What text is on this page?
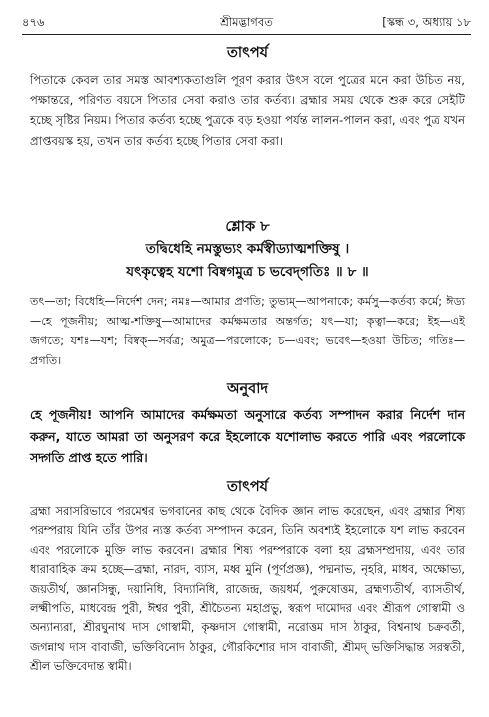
৪৭৬	শ্রীমদ্ভাগবত	[স্কন্ধ ৩, অধ্যায় ১৮
তাৎপর্য
পিতাকে কেবল তার সমস্ত আবশ্যকতাগুলি পূরণ করার উৎস বলে পুত্রের মনে করা উচিত নয়, পক্ষান্তরে, পরিণত বয়সে পিতার সেবা করাও তার কর্তব্য। ব্রহ্মার সময় থেকে শুরু করে সেইটি হচ্ছে সৃষ্টির নিয়ম। পিতার কর্তব্য হচ্ছে পুত্রকে বড় হওয়া পর্যন্ত লালন-পালন করা, এবং পুত্র যখন প্রাপ্তবয়স্ক হয়, তখন তার কর্তব্য হচ্ছে পিতার সেবা করা।
শ্লোক ৮
তদ্বিধেহি নমস্তুভ্যং কর্মস্বীড্যাত্মশক্তিষু ।
যৎকৃত্বেহ যশো বিষ্বগমুত্র চ ভবেদ্‌গতিঃ ॥ ৮ ॥
তৎ—তা; বিধেহি—নির্দেশ দেন; নমঃ—আমার প্রণতি; তুভ্যম্—আপনাকে; কর্মসু—কর্তব্য কর্মে; ঈড্য—হে পূজনীয়; আত্ম-শক্তিষু—আমাদের কর্মক্ষমতার অন্তর্গত; যৎ—যা; কৃত্বা—করে; ইহ—এই জগতে; যশঃ—যশ; বিষ্বক্—সর্বত্র; অমুত্র—পরলোকে; চ—এবং; ভবেৎ—হওয়া উচিত; গতিঃ—প্রগতি।
অনুবাদ
হে পূজনীয়! আপনি আমাদের কর্মক্ষমতা অনুসারে কর্তব্য সম্পাদন করার নির্দেশ দান করুন, যাতে আমরা তা অনুসরণ করে ইহলোকে যশোলাভ করতে পারি এবং পরলোকে সদ্গতি প্রাপ্ত হতে পারি।
তাৎপর্য
ব্রহ্মা সরাসরিভাবে পরমেশ্বর ভগবানের কাছ থেকে বৈদিক জ্ঞান লাভ করেছেন, এবং ব্রহ্মার শিষ্য পরম্পরায় যিনি তাঁর উপর ন্যস্ত কর্তব্য সম্পাদন করেন, তিনি অবশ্যই ইহলোকে যশ লাভ করবেন এবং পরলোকে মুক্তি লাভ করবেন। ব্রহ্মার শিষ্য পরম্পরাকে বলা হয় ব্রহ্মসম্প্রদায়, এবং তার ধারাবাহিক ক্রম হচ্ছে—ব্রহ্মা, নারদ, ব্যাস, মধ্ব মুনি (পূর্ণপ্রজ্ঞ), পদ্মনাভ, নৃহরি, মাধব, অক্ষোভ্য, জয়তীর্থ, জ্ঞানসিন্ধু, দয়ানিধি, বিদ্যানিধি, রাজেন্দ্র, জয়ধর্ম, পুরুষোত্তম, ব্রহ্মণ্যতীর্থ, ব্যাসতীর্থ, লক্ষ্মীপতি, মাধবেন্দ্র পুরী, ঈশ্বর পুরী, শ্রীচৈতন্য মহাপ্রভু, স্বরূপ দামোদর এবং শ্রীরূপ গোস্বামী ও অন্যান্যরা, শ্রীরঘুনাথ দাস গোস্বামী, কৃষ্ণদাস গোস্বামী, নরোত্তম দাস ঠাকুর, বিশ্বনাথ চক্রবর্তী, জগন্নাথ দাস বাবাজী, ভক্তিবিনোদ ঠাকুর, গৌরকিশোর দাস বাবাজী, শ্রীমদ্ ভক্তিসিদ্ধান্ত সরস্বতী, শ্রীল ভক্তিবেদান্ত স্বামী।
